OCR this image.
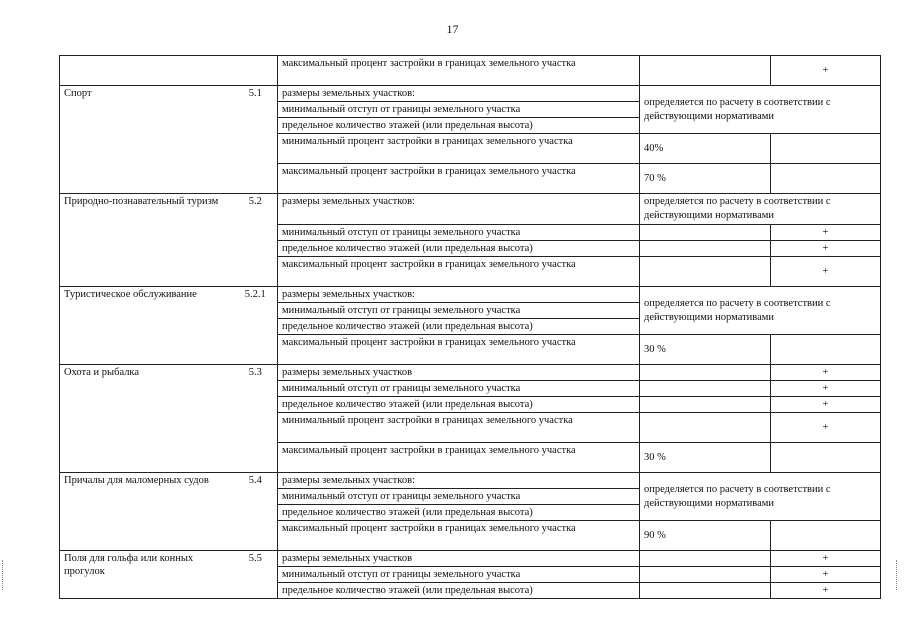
17
		максимальный процент застройки в границах земельного участка		+
Спорт	5.1	размеры земельных участков:	определяется по расчету в соответствии с действующими нормативами	
		минимальный отступ от границы земельного участка		
		предельное количество этажей (или предельная высота)		
		минимальный процент застройки в границах земельного участка	40%	
		максимальный процент застройки в границах земельного участка	70 %	
Природно-познавательный туризм	5.2	размеры земельных участков:	определяется по расчету в соответствии с действующими нормативами	
		минимальный отступ от границы земельного участка		+
		предельное количество этажей (или предельная высота)		+
		максимальный процент застройки в границах земельного участка		+
Туристическое обслуживание	5.2.1	размеры земельных участков:	определяется по расчету в соответствии с действующими нормативами	
		минимальный отступ от границы земельного участка		
		предельное количество этажей (или предельная высота)		
		максимальный процент застройки в границах земельного участка	30 %	
Охота и рыбалка	5.3	размеры земельных участков		+
		минимальный отступ от границы земельного участка		+
		предельное количество этажей (или предельная высота)		+
		минимальный процент застройки в границах земельного участка		+
		максимальный процент застройки в границах земельного участка	30 %	
Причалы для маломерных судов	5.4	размеры земельных участков:	определяется по расчету в соответствии с действующими нормативами	
		минимальный отступ от границы земельного участка		
		предельное количество этажей (или предельная высота)		
		максимальный процент застройки в границах земельного участка	90 %	
Поля для гольфа или конных прогулок	5.5	размеры земельных участков		+
		минимальный отступ от границы земельного участка		+
		предельное количество этажей (или предельная высота)		+
